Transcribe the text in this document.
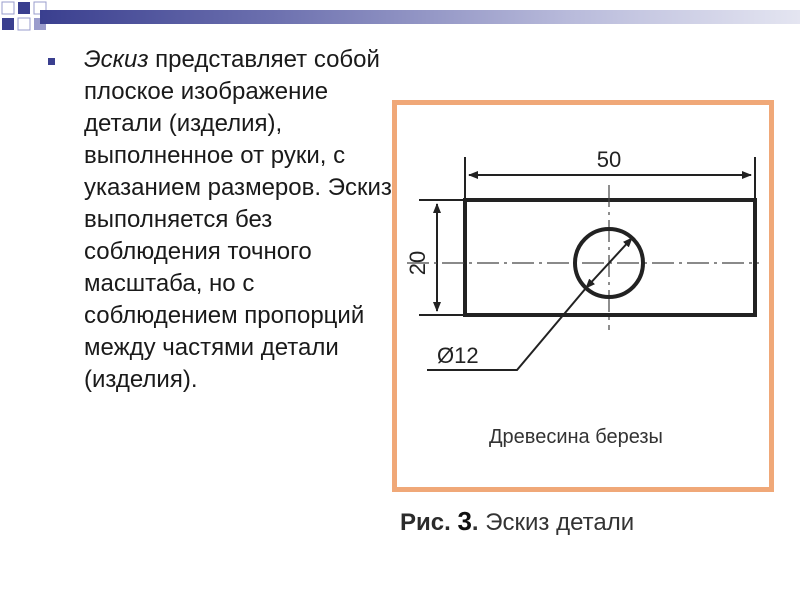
Эскиз представляет собой плоское изображение детали (изделия), выполненное от руки, с указанием размеров. Эскиз выполняется без соблюдения точного масштаба, но с соблюдением пропорций между частями детали (изделия).
50
20
Ø12
Древесина березы
Рис. 3. Эскиз детали
